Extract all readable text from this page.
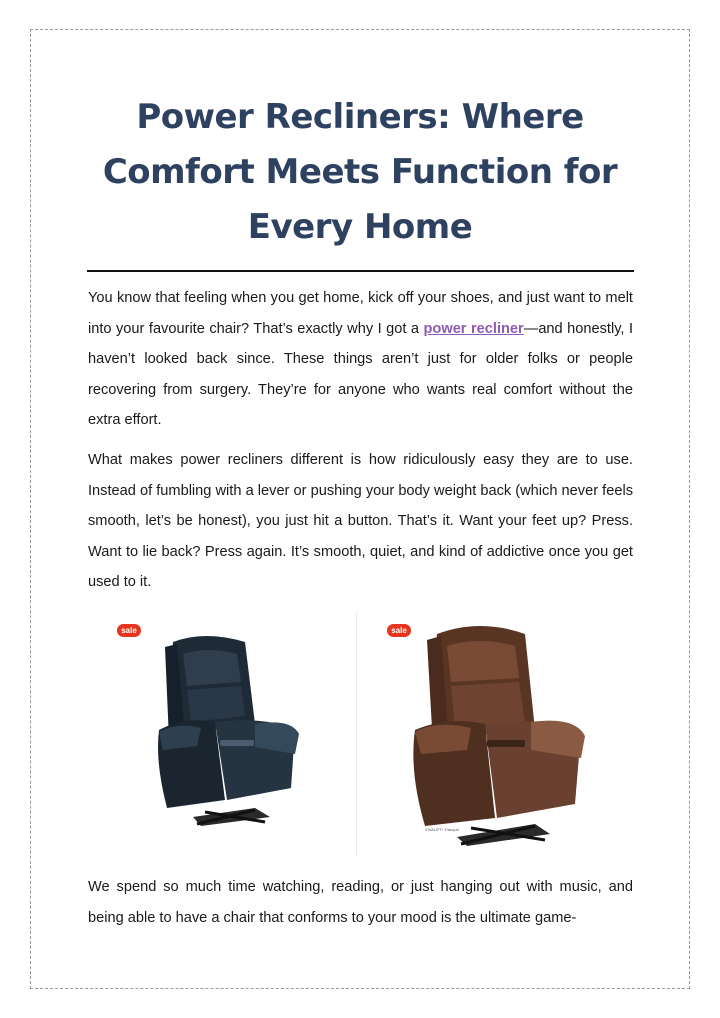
Power Recliners: Where Comfort Meets Function for Every Home

You know that feeling when you get home, kick off your shoes, and just want to melt into your favourite chair? That’s exactly why I got a power recliner—and honestly, I haven’t looked back since. These things aren’t just for older folks or people recovering from surgery. They’re for anyone who wants real comfort without the extra effort.

What makes power recliners different is how ridiculously easy they are to use. Instead of fumbling with a lever or pushing your body weight back (which never feels smooth, let’s be honest), you just hit a button. That’s it. Want your feet up? Press. Want to lie back? Press again. It’s smooth, quiet, and kind of addictive once you get used to it.

sale	sale
VIVALIFT! Tranquil

We spend so much time watching, reading, or just hanging out with music, and being able to have a chair that conforms to your mood is the ultimate game-
